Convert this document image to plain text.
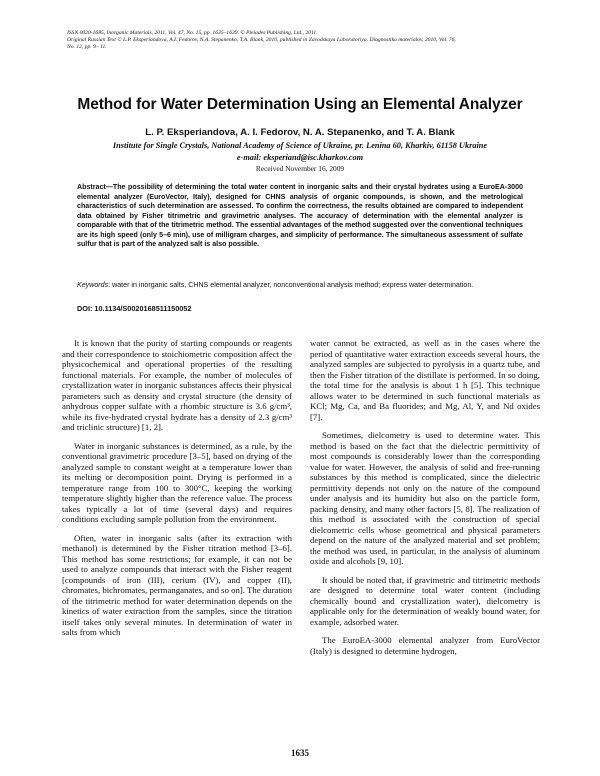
ISSN 0020-1685, Inorganic Materials, 2011, Vol. 47, No. 15, pp. 1635–1639. © Pleiades Publishing, Ltd., 2011.
Original Russian Text © L.P. Eksperiandova, A.I. Fedorov, N.A. Stepanenko, T.A. Blank, 2010, published in Zavodskaya Laboratoriya. Diagnostika materialov, 2010, Vol. 76,
No. 12, pp. 9– 11.
Method for Water Determination Using an Elemental Analyzer
L. P. Eksperiandova, A. I. Fedorov, N. A. Stepanenko, and T. A. Blank
Institute for Single Crystals, National Academy of Science of Ukraine, pr. Lenina 60, Kharkiv, 61158 Ukraine
e-mail: eksperiand@isc.kharkov.com
Received November 16, 2009
Abstract—The possibility of determining the total water content in inorganic salts and their crystal hydrates using a EuroEA-3000 elemental analyzer (EuroVector, Italy), designed for CHNS analysis of organic compounds, is shown, and the metrological characteristics of such determination are assessed. To confirm the correctness, the results obtained are compared to independent data obtained by Fisher titrimetric and gravimetric analyses. The accuracy of determination with the elemental analyzer is comparable with that of the titrimetric method. The essential advantages of the method suggested over the conventional techniques are its high speed (only 5–6 min), use of milligram charges, and simplicity of performance. The simultaneous assessment of sulfate sulfur that is part of the analyzed salt is also possible.
Keywords: water in inorganic salts, CHNS elemental analyzer, nonconventional analysis method; express water determination.
DOI: 10.1134/S0020168511150052

It is known that the purity of starting compounds or reagents and their correspondence to stoichiometric composition affect the physicochemical and operational properties of the resulting functional materials. For example, the number of molecules of crystallization water in inorganic substances affects their physical parameters such as density and crystal structure (the density of anhydrous copper sulfate with a rhombic structure is 3.6 g/cm³, while its five-hydrated crystal hydrate has a density of 2.3 g/cm³ and triclinic structure) [1, 2].

Water in inorganic substances is determined, as a rule, by the conventional gravimetric procedure [3–5], based on drying of the analyzed sample to constant weight at a temperature lower than its melting or decomposition point. Drying is performed in a temperature range from 100 to 300°C, keeping the working temperature slightly higher than the reference value. The process takes typically a lot of time (several days) and requires conditions excluding sample pollution from the environment.

Often, water in inorganic salts (after its extraction with methanol) is determined by the Fisher titration method [3–6]. This method has some restrictions; for example, it can not be used to analyze compounds that interact with the Fisher reagent [compounds of iron (III), cerium (IV), and copper (II), chromates, bichromates, permanganates, and so on]. The duration of the titrimetric method for water determination depends on the kinetics of water extraction from the samples, since the titration itself takes only several minutes. In determination of water in salts from which

water cannot be extracted, as well as in the cases where the period of quantitative water extraction exceeds several hours, the analyzed samples are subjected to pyrolysis in a quartz tube, and then the Fisher titration of the distillate is performed. In so doing, the total time for the analysis is about 1 h [5]. This technique allows water to be determined in such functional materials as KCl; Mg, Ca, and Ba fluorides; and Mg, Al, Y, and Nd oxides [7].

Sometimes, dielcometry is used to determine water. This method is based on the fact that the dielectric permittivity of most compounds is considerably lower than the corresponding value for water. However, the analysis of solid and free-running substances by this method is complicated, since the dielectric permittivity depends not only on the nature of the compound under analysis and its humidity but also on the particle form, packing density, and many other factors [5, 8]. The realization of this method is associated with the construction of special dielcometric cells whose geometrical and physical parameters depend on the nature of the analyzed material and set problem; the method was used, in particular, in the analysis of aluminum oxide and alcohols [9, 10].

It should be noted that, if gravimetric and titrimetric methods are designed to determine total water content (including chemically bound and crystallization water), dielcometry is applicable only for the determination of weakly bound water, for example, adsorbed water.

The EuroEA-3000 elemental analyzer from EuroVector (Italy) is designed to determine hydrogen,

1635
